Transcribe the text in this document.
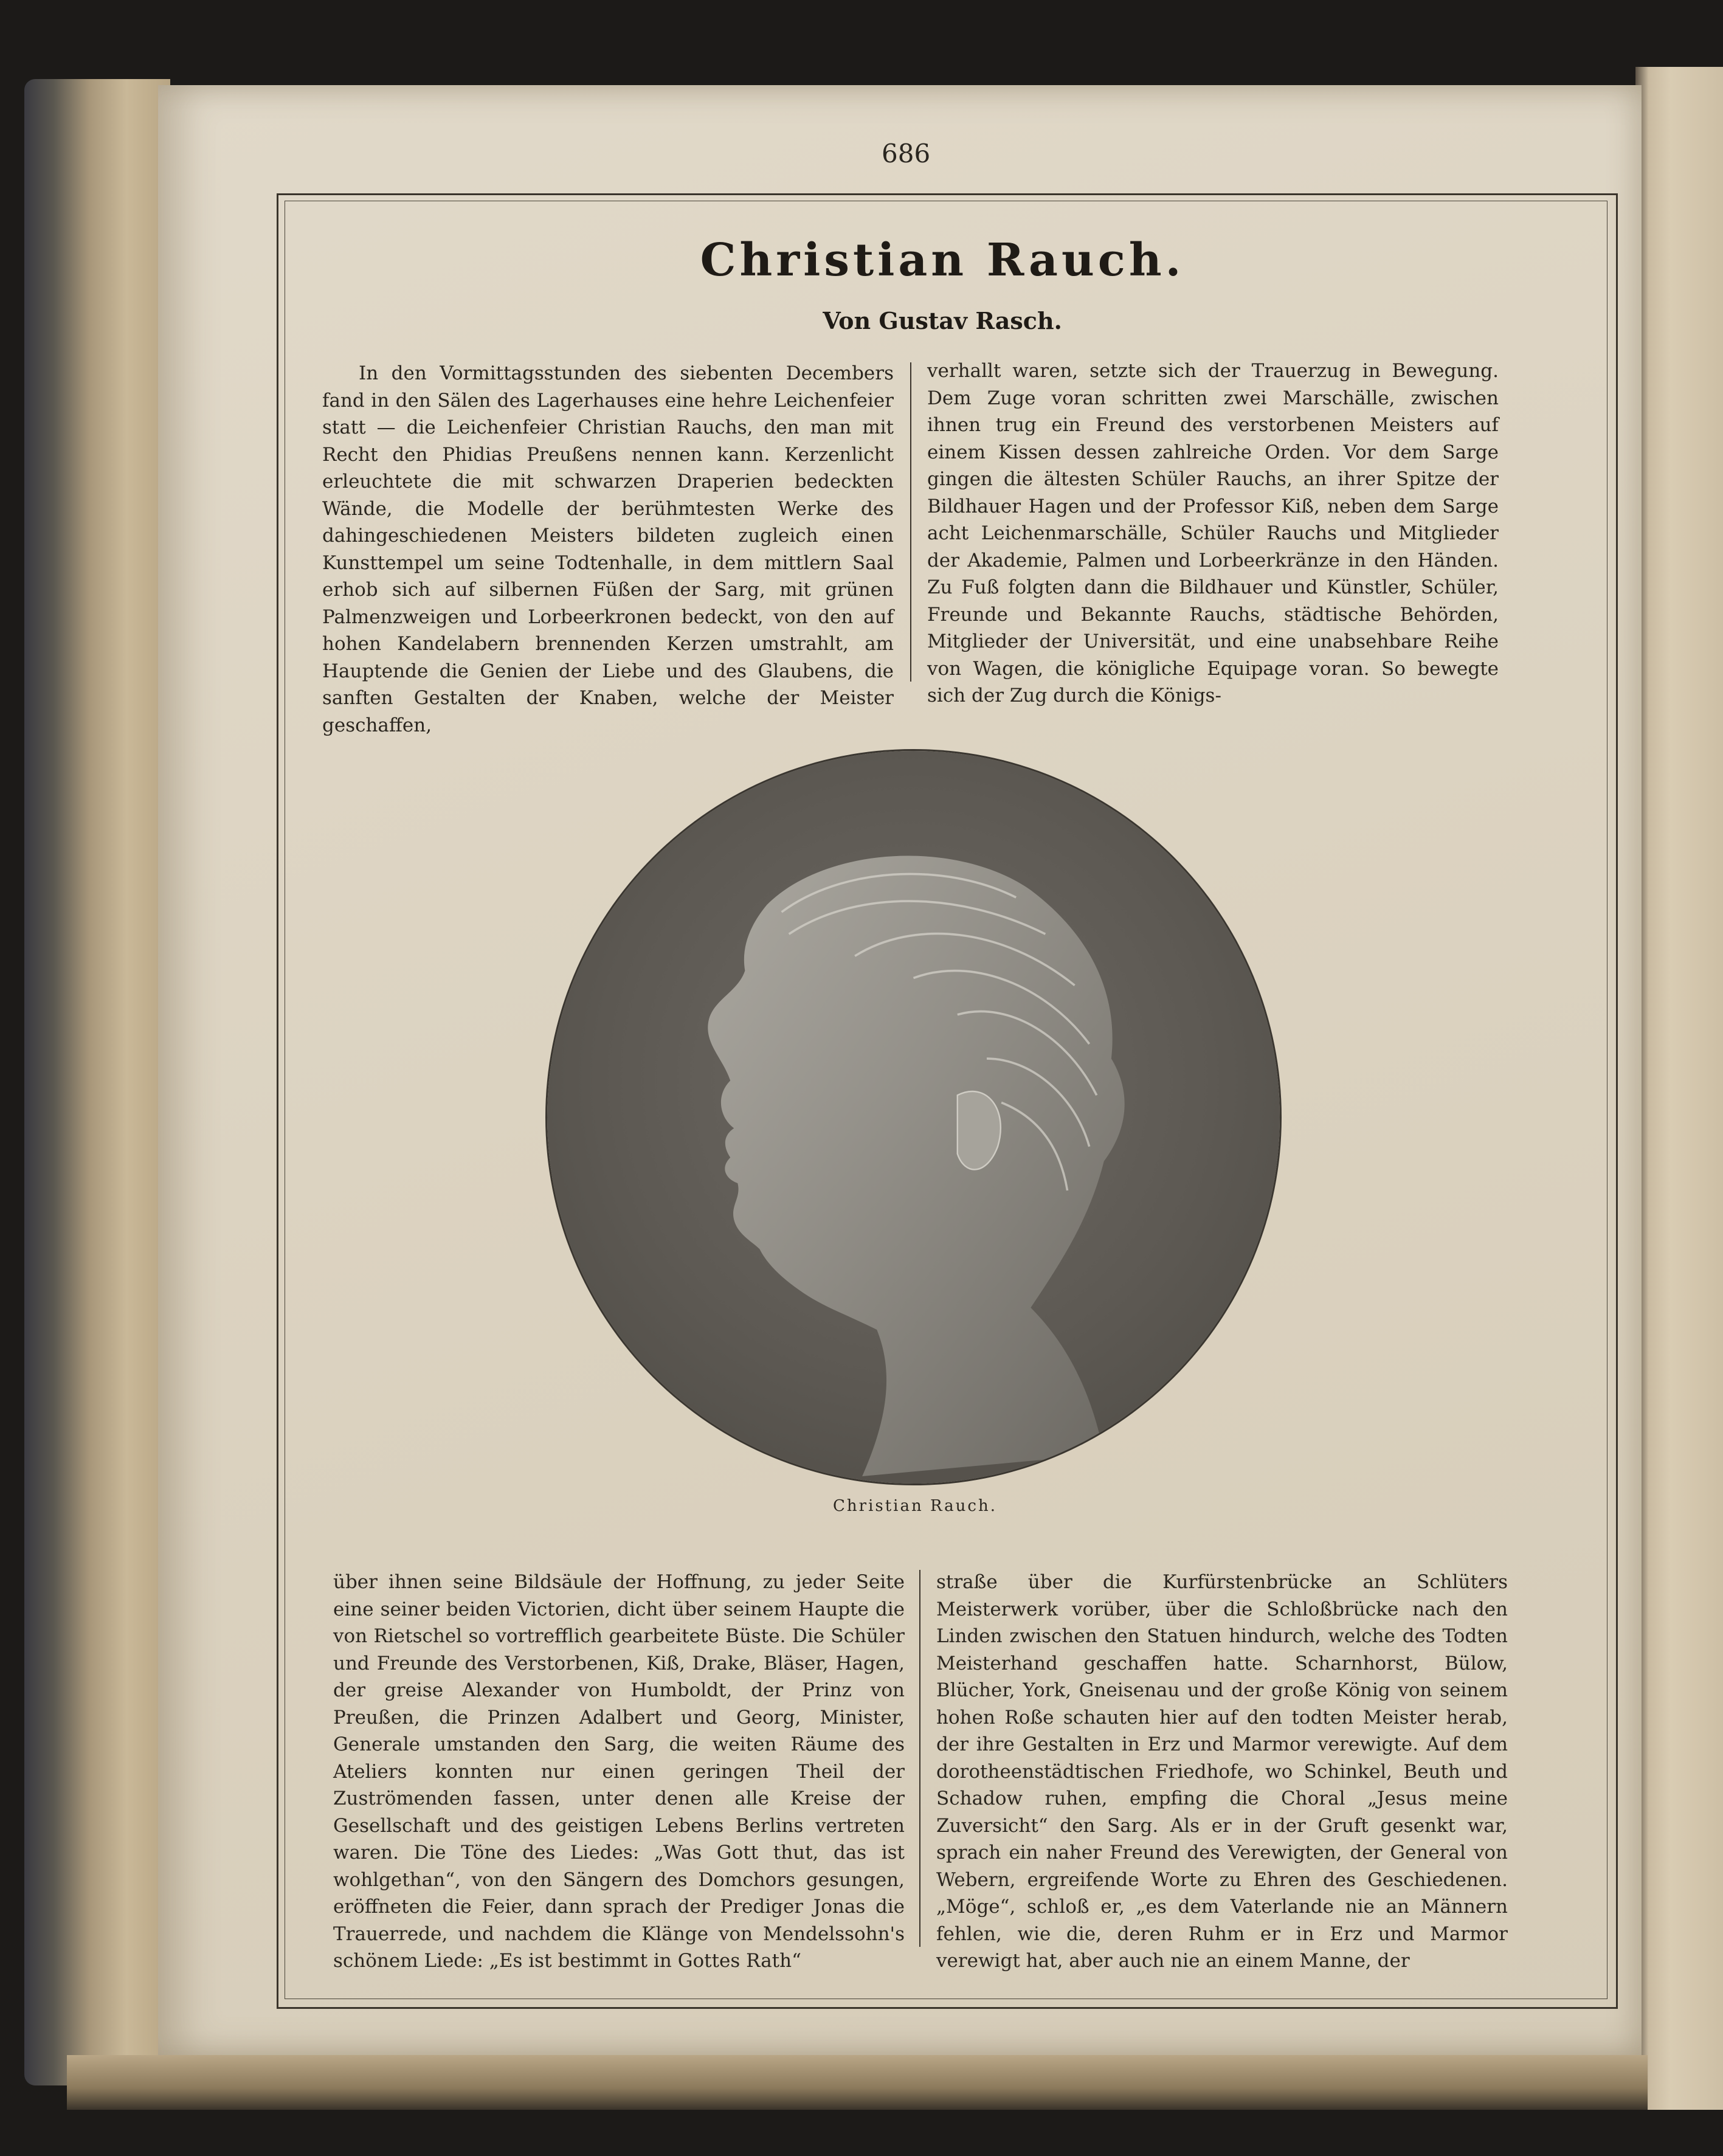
686
Christian Rauch.
Von Gustav Rasch.

In den Vormittagsstunden des siebenten Decembers fand in den Sälen des Lagerhauses eine hehre Leichenfeier statt — die Leichenfeier Christian Rauchs, den man mit Recht den Phidias Preußens nennen kann. Kerzenlicht erleuchtete die mit schwarzen Draperien bedeckten Wände, die Modelle der berühmtesten Werke des dahingeschiedenen Meisters bildeten zugleich einen Kunsttempel um seine Todtenhalle, in dem mittlern Saal erhob sich auf silbernen Füßen der Sarg, mit grünen Palmenzweigen und Lorbeerkronen bedeckt, von den auf hohen Kandelabern brennenden Kerzen umstrahlt, am Hauptende die Genien der Liebe und des Glaubens, die sanften Gestalten der Knaben, welche der Meister geschaffen,

verhallt waren, setzte sich der Trauerzug in Bewegung. Dem Zuge voran schritten zwei Marschälle, zwischen ihnen trug ein Freund des verstorbenen Meisters auf einem Kissen dessen zahlreiche Orden. Vor dem Sarge gingen die ältesten Schüler Rauchs, an ihrer Spitze der Bildhauer Hagen und der Professor Kiß, neben dem Sarge acht Leichenmarschälle, Schüler Rauchs und Mitglieder der Akademie, Palmen und Lorbeerkränze in den Händen. Zu Fuß folgten dann die Bildhauer und Künstler, Schüler, Freunde und Bekannte Rauchs, städtische Behörden, Mitglieder der Universität, und eine unabsehbare Reihe von Wagen, die königliche Equipage voran. So bewegte sich der Zug durch die Königs-

Christian Rauch.

über ihnen seine Bildsäule der Hoffnung, zu jeder Seite eine seiner beiden Victorien, dicht über seinem Haupte die von Rietschel so vortrefflich gearbeitete Büste. Die Schüler und Freunde des Verstorbenen, Kiß, Drake, Bläser, Hagen, der greise Alexander von Humboldt, der Prinz von Preußen, die Prinzen Adalbert und Georg, Minister, Generale umstanden den Sarg, die weiten Räume des Ateliers konnten nur einen geringen Theil der Zuströmenden fassen, unter denen alle Kreise der Gesellschaft und des geistigen Lebens Berlins vertreten waren. Die Töne des Liedes: „Was Gott thut, das ist wohlgethan“, von den Sängern des Domchors gesungen, eröffneten die Feier, dann sprach der Prediger Jonas die Trauerrede, und nachdem die Klänge von Mendelssohn's schönem Liede: „Es ist bestimmt in Gottes Rath“

straße über die Kurfürstenbrücke an Schlüters Meisterwerk vorüber, über die Schloßbrücke nach den Linden zwischen den Statuen hindurch, welche des Todten Meisterhand geschaffen hatte. Scharnhorst, Bülow, Blücher, York, Gneisenau und der große König von seinem hohen Roße schauten hier auf den todten Meister herab, der ihre Gestalten in Erz und Marmor verewigte. Auf dem dorotheenstädtischen Friedhofe, wo Schinkel, Beuth und Schadow ruhen, empfing die Choral „Jesus meine Zuversicht“ den Sarg. Als er in der Gruft gesenkt war, sprach ein naher Freund des Verewigten, der General von Webern, ergreifende Worte zu Ehren des Geschiedenen. „Möge“, schloß er, „es dem Vaterlande nie an Männern fehlen, wie die, deren Ruhm er in Erz und Marmor verewigt hat, aber auch nie an einem Manne, der
